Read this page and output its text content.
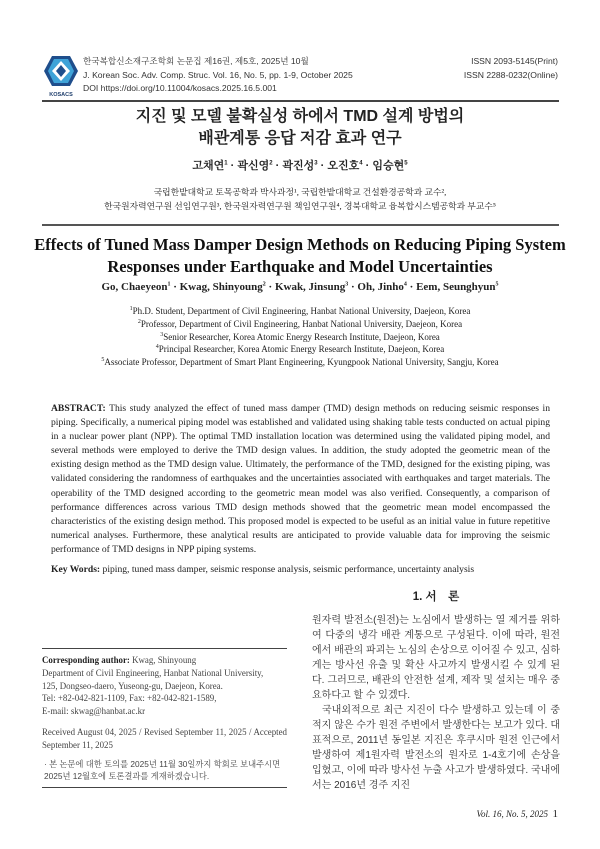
KOSACS
한국복합신소재구조학회 논문집 제16권, 제5호, 2025년 10월
J. Korean Soc. Adv. Comp. Struc. Vol. 16, No. 5, pp. 1-9, October 2025
DOI https://doi.org/10.11004/kosacs.2025.16.5.001
ISSN 2093-5145(Print)
ISSN 2288-0232(Online)
지진 및 모델 불확실성 하에서 TMD 설계 방법의
배관계통 응답 저감 효과 연구
고채연$^1$ · 곽신영$^2$ · 곽진성$^3$ · 오진호$^4$ · 임승현$^5$
국립한밭대학교 토목공학과 박사과정¹, 국립한밭대학교 건설환경공학과 교수²,
한국원자력연구원 선임연구원³, 한국원자력연구원 책임연구원⁴, 경북대학교 융복합시스템공학과 부교수⁵
Effects of Tuned Mass Damper Design Methods on Reducing Piping System
Responses under Earthquake and Model Uncertainties
Go, Chaeyeon$^1$ · Kwag, Shinyoung$^2$ · Kwak, Jinsung$^3$ · Oh, Jinho$^4$ · Eem, Seunghyun$^5$
$^1$Ph.D. Student, Department of Civil Engineering, Hanbat National University, Daejeon, Korea
$^2$Professor, Department of Civil Engineering, Hanbat National University, Daejeon, Korea
$^3$Senior Researcher, Korea Atomic Energy Research Institute, Daejeon, Korea
$^4$Principal Researcher, Korea Atomic Energy Research Institute, Daejeon, Korea
$^5$Associate Professor, Department of Smart Plant Engineering, Kyungpook National University, Sangju, Korea

ABSTRACT: This study analyzed the effect of tuned mass damper (TMD) design methods on reducing seismic responses in piping. Specifically, a numerical piping model was established and validated using shaking table tests conducted on actual piping in a nuclear power plant (NPP). The optimal TMD installation location was determined using the validated piping model, and several methods were employed to derive the TMD design values. In addition, the study adopted the geometric mean of the existing design method as the TMD design value. Ultimately, the performance of the TMD, designed for the existing piping, was validated considering the randomness of earthquakes and the uncertainties associated with earthquakes and target materials. The operability of the TMD designed according to the geometric mean model was also verified. Consequently, a comparison of performance differences across various TMD design methods showed that the geometric mean model encompassed the characteristics of the existing design method. This proposed model is expected to be useful as an initial value in future repetitive numerical analyses. Furthermore, these analytical results are anticipated to provide valuable data for improving the seismic performance of TMD designs in NPP piping systems.

Key Words: piping, tuned mass damper, seismic response analysis, seismic performance, uncertainty analysis

1. 서　론

원자력 발전소(원전)는 노심에서 발생하는 열 제거를 위하여 다중의 냉각 배관 계통으로 구성된다. 이에 따라, 원전에서 배관의 파괴는 노심의 손상으로 이어질 수 있고, 심하게는 방사선 유출 및 확산 사고까지 발생시킬 수 있게 된다. 그러므로, 배관의 안전한 설계, 제작 및 설치는 매우 중요하다고 할 수 있겠다.

국내외적으로 최근 지진이 다수 발생하고 있는데 이 중 적지 않은 수가 원전 주변에서 발생한다는 보고가 있다. 대표적으로, 2011년 동일본 지진은 후쿠시마 원전 인근에서 발생하여 제1원자력 발전소의 원자로 1-4호기에 손상을 입혔고, 이에 따라 방사선 누출 사고가 발생하였다. 국내에서는 2016년 경주 지진

Corresponding author: Kwag, Shinyoung
Department of Civil Engineering, Hanbat National University,
125, Dongseo-daero, Yuseong-gu, Daejeon, Korea.
Tel: +82-042-821-1109, Fax: +82-042-821-1589,
E-mail: skwag@hanbat.ac.kr
Received August 04, 2025 / Revised September 11, 2025 / Accepted September 11, 2025
· 본 논문에 대한 토의를 2025년 11월 30일까지 학회로 보내주시면 2025년 12월호에 토론결과를 게재하겠습니다.
Vol. 16, No. 5, 2025 1
